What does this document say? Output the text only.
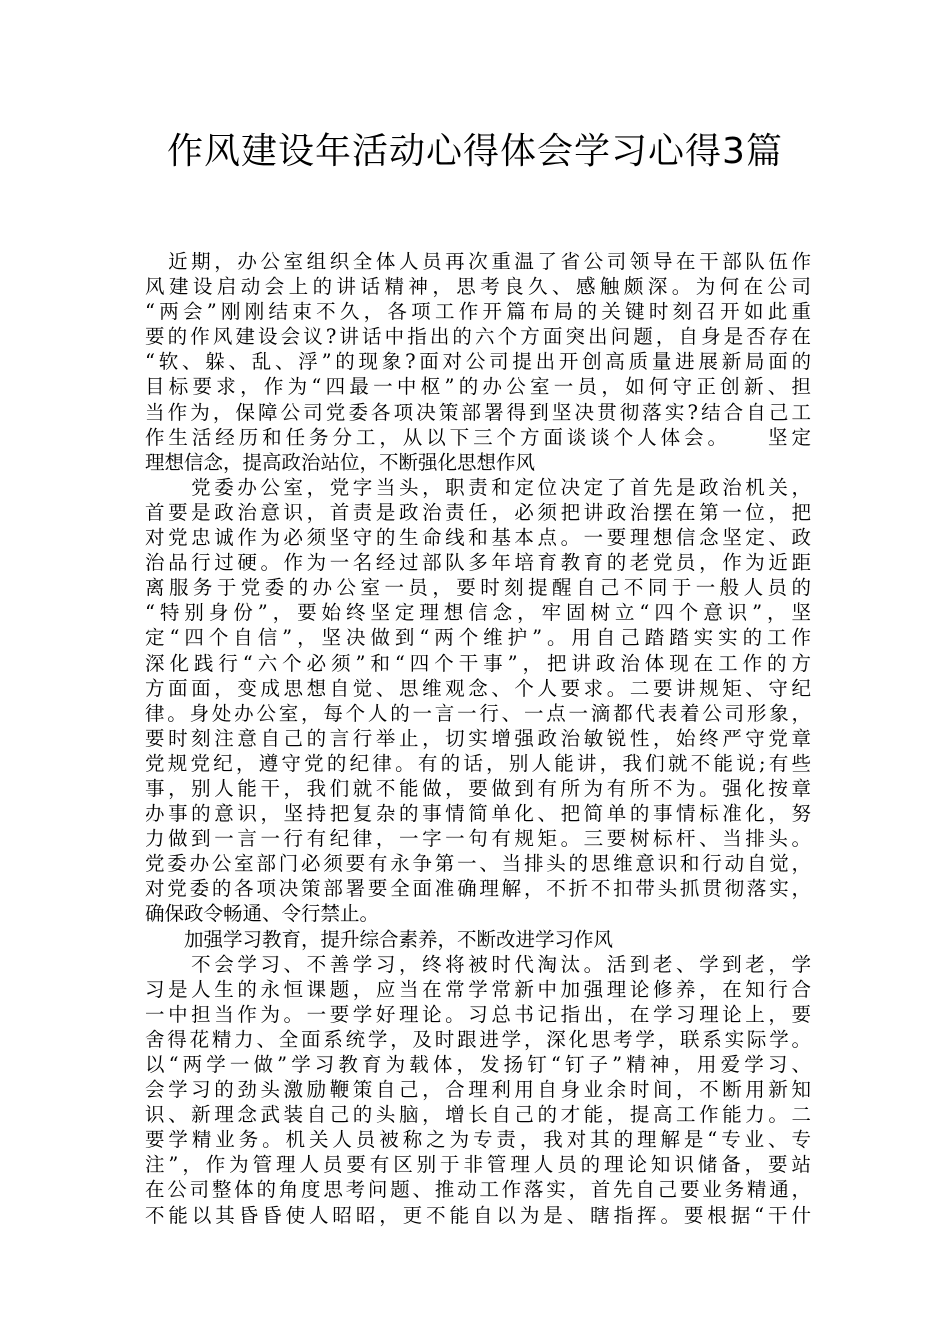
作风建设年活动心得体会学习心得3篇
　近期，办公室组织全体人员再次重温了省公司领导在干部队伍作
风建设启动会上的讲话精神，思考良久、感触颇深。为何在公司
“两会”刚刚结束不久，各项工作开篇布局的关键时刻召开如此重
要的作风建设会议?讲话中指出的六个方面突出问题，自身是否存在
“软、躲、乱、浮”的现象?面对公司提出开创高质量进展新局面的
目标要求，作为“四最一中枢”的办公室一员，如何守正创新、担
当作为，保障公司党委各项决策部署得到坚决贯彻落实?结合自己工
作生活经历和任务分工，从以下三个方面谈谈个人体会。　　坚定
理想信念，提高政治站位，不断强化思想作风
　　党委办公室，党字当头，职责和定位决定了首先是政治机关，
首要是政治意识，首责是政治责任，必须把讲政治摆在第一位，把
对党忠诚作为必须坚守的生命线和基本点。一要理想信念坚定、政
治品行过硬。作为一名经过部队多年培育教育的老党员，作为近距
离服务于党委的办公室一员，要时刻提醒自己不同于一般人员的
“特别身份”，要始终坚定理想信念，牢固树立“四个意识”，坚
定“四个自信”，坚决做到“两个维护”。用自己踏踏实实的工作
深化践行“六个必须”和“四个干事”，把讲政治体现在工作的方
方面面，变成思想自觉、思维观念、个人要求。二要讲规矩、守纪
律。身处办公室，每个人的一言一行、一点一滴都代表着公司形象，
要时刻注意自己的言行举止，切实增强政治敏锐性，始终严守党章
党规党纪，遵守党的纪律。有的话，别人能讲，我们就不能说;有些
事，别人能干，我们就不能做，要做到有所为有所不为。强化按章
办事的意识，坚持把复杂的事情简单化、把简单的事情标准化，努
力做到一言一行有纪律，一字一句有规矩。三要树标杆、当排头。
党委办公室部门必须要有永争第一、当排头的思维意识和行动自觉，
对党委的各项决策部署要全面准确理解，不折不扣带头抓贯彻落实，
确保政令畅通、令行禁止。
　　加强学习教育，提升综合素养，不断改进学习作风
　　不会学习、不善学习，终将被时代淘汰。活到老、学到老，学
习是人生的永恒课题，应当在常学常新中加强理论修养，在知行合
一中担当作为。一要学好理论。习总书记指出，在学习理论上，要
舍得花精力、全面系统学，及时跟进学，深化思考学，联系实际学。
以“两学一做”学习教育为载体，发扬钉“钉子”精神，用爱学习、
会学习的劲头激励鞭策自己，合理利用自身业余时间，不断用新知
识、新理念武装自己的头脑，增长自己的才能，提高工作能力。二
要学精业务。机关人员被称之为专责，我对其的理解是“专业、专
注”，作为管理人员要有区别于非管理人员的理论知识储备，要站
在公司整体的角度思考问题、推动工作落实，首先自己要业务精通，
不能以其昏昏使人昭昭，更不能自以为是、瞎指挥。要根据“干什
